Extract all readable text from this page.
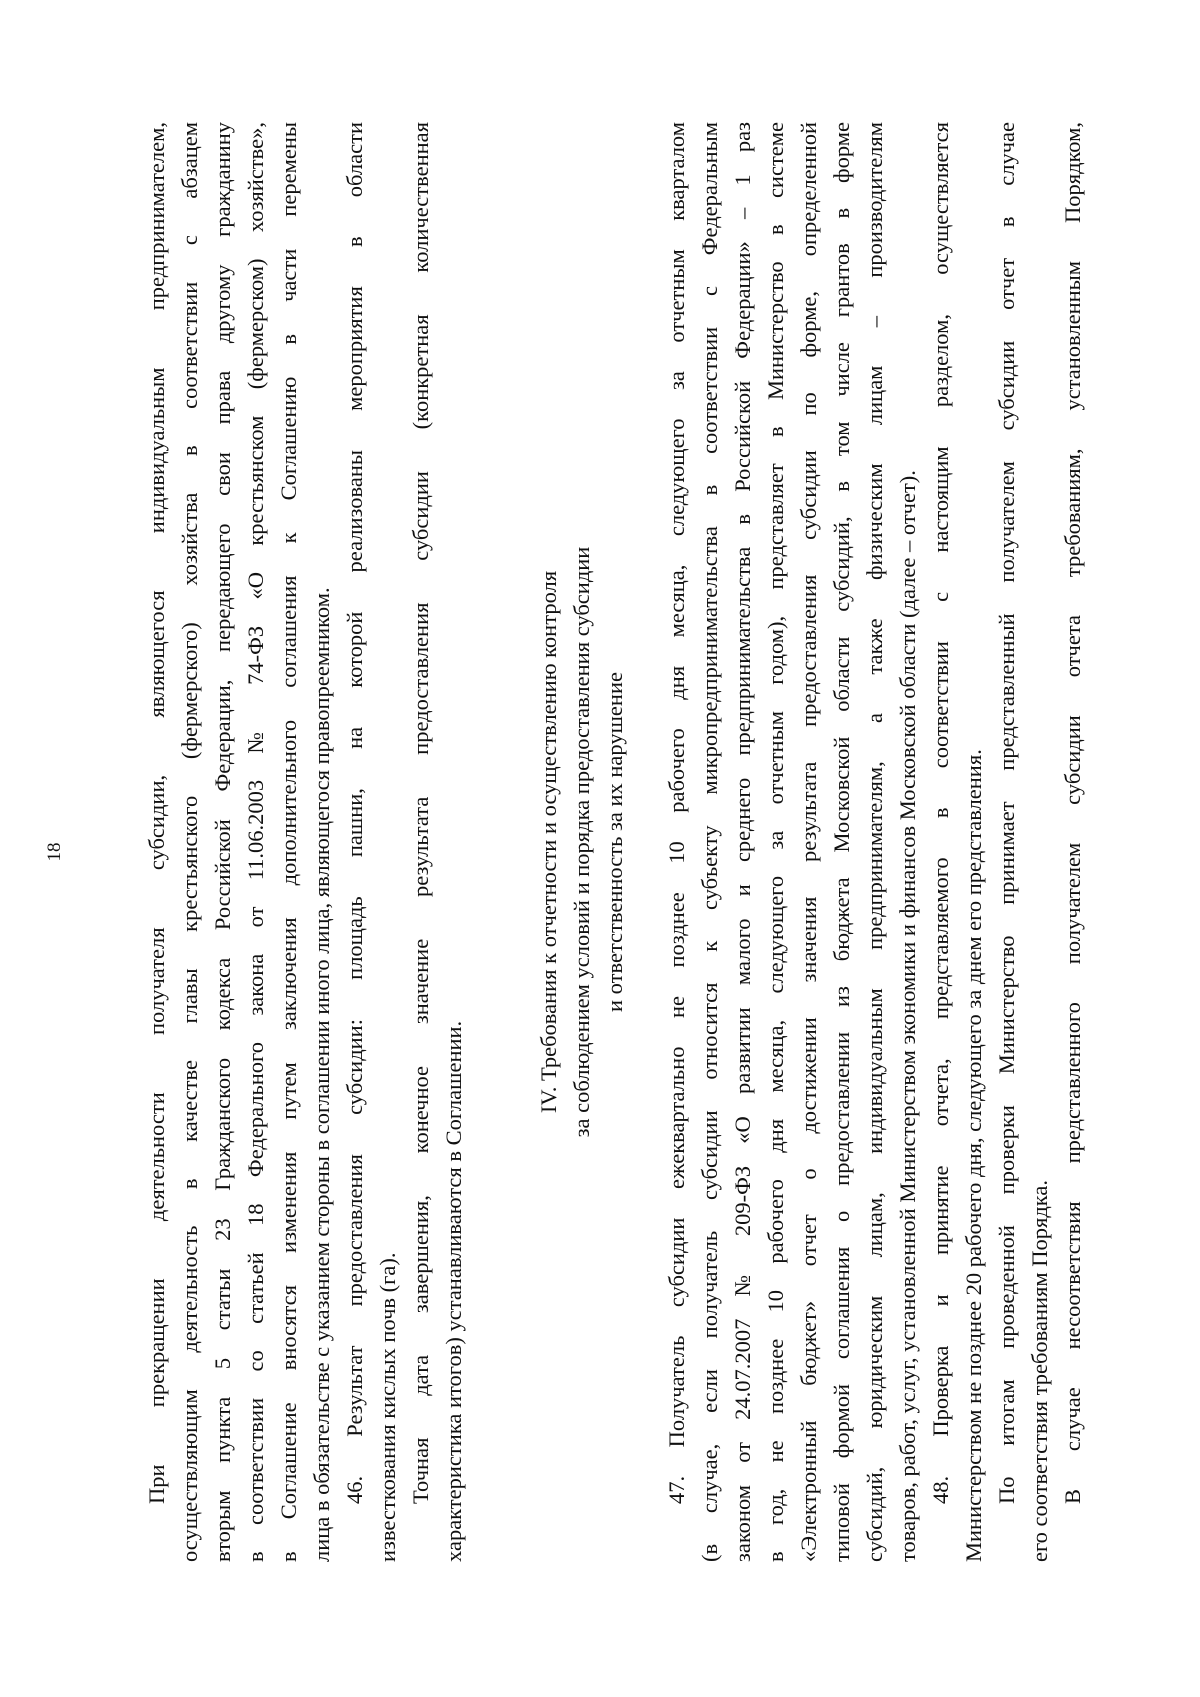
18	При прекращении деятельности получателя субсидии, являющегося индивидуальным предпринимателем, осуществляющим деятельность в качестве главы крестьянского (фермерского) хозяйства в соответствии с абзацем вторым пункта 5 статьи 23 Гражданского кодекса Российской Федерации, передающего свои права другому гражданину в соответствии со статьей 18 Федерального закона от 11.06.2003 № 74-ФЗ «О крестьянском (фермерском) хозяйстве», в Соглашение вносятся изменения путем заключения дополнительного соглашения к Соглашению в части перемены лица в обязательстве с указанием стороны в соглашении иного лица, являющегося правопреемником. 46. Результат предоставления субсидии: площадь пашни, на которой реализованы мероприятия в области известкования кислых почв (га). Точная дата завершения, конечное значение результата предоставления субсидии (конкретная количественная характеристика итогов) устанавливаются в Соглашении.
IV. Требования к отчетности и осуществлению контроля за соблюдением условий и порядка предоставления субсидии и ответственность за их нарушение 47. Получатель субсидии ежеквартально не позднее 10 рабочего дня месяца, следующего за отчетным кварталом (в случае, если получатель субсидии относится к субъекту микропредпринимательства в соответствии с Федеральным законом от 24.07.2007 № 209-ФЗ «О развитии малого и среднего предпринимательства в Российской Федерации» – 1 раз в год, не позднее 10 рабочего дня месяца, следующего за отчетным годом), представляет в Министерство в системе «Электронный бюджет» отчет о достижении значения результата предоставления субсидии по форме, определенной типовой формой соглашения о предоставлении из бюджета Московской области субсидий, в том числе грантов в форме субсидий, юридическим лицам, индивидуальным предпринимателям, а также физическим лицам – производителям товаров, работ, услуг, установленной Министерством экономики и финансов Московской области (далее – отчет). 48. Проверка и принятие отчета, представляемого в соответствии с настоящим разделом, осуществляется Министерством не позднее 20 рабочего дня, следующего за днем его представления. По итогам проведенной проверки Министерство принимает представленный получателем субсидии отчет в случае его соответствия требованиям Порядка. В случае несоответствия представленного получателем субсидии отчета требованиям, установленным Порядком,
